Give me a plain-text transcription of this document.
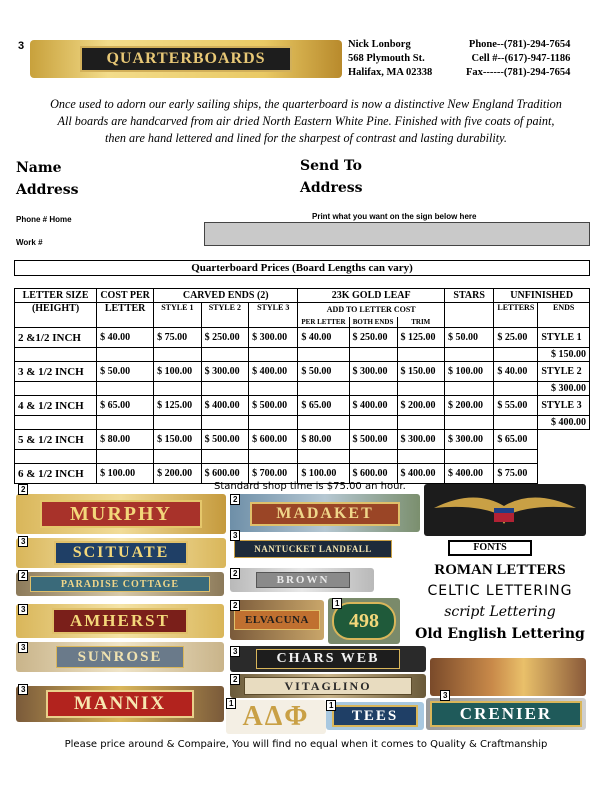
3
QUARTERBOARDS
Nick Lonborg
568 Plymouth St.
Halifax, MA 02338
Phone--(781)-294-7654
Cell #--(617)-947-1186
Fax------(781)-294-7654
Once used to adorn our early sailing ships, the quarterboard is now a distinctive New England Tradition
All boards are handcarved from air dried North Eastern White Pine. Finished with five coats of paint,
then are hand lettered and lined for the sharpest of contrast and lasting durability.
Name
Address
Send To
Address
Phone # Home
Work #
Print what you want on the sign below here
Quarterboard Prices (Board Lengths can vary)
LETTER SIZE	COST PER	CARVED ENDS (2)			23K GOLD LEAF			STARS	UNFINISHED	
(HEIGHT)	LETTER	STYLE 1	STYLE 2	STYLE 3	ADD TO LETTER COST				LETTERS	ENDS
					PER LETTER	BOTH ENDS	TRIM			
2 &1/2 INCH	$ 40.00	$ 75.00	$ 250.00	$ 300.00	$ 40.00	$ 250.00	$ 125.00	$ 50.00	$ 25.00	STYLE 1
										$ 150.00
3 & 1/2 INCH	$ 50.00	$ 100.00	$ 300.00	$ 400.00	$ 50.00	$ 300.00	$ 150.00	$ 100.00	$ 40.00	STYLE 2
										$ 300.00
4 & 1/2 INCH	$ 65.00	$ 125.00	$ 400.00	$ 500.00	$ 65.00	$ 400.00	$ 200.00	$ 200.00	$ 55.00	STYLE 3
										$ 400.00
5 & 1/2 INCH	$ 80.00	$ 150.00	$ 500.00	$ 600.00	$ 80.00	$ 500.00	$ 300.00	$ 300.00	$ 65.00	

6 & 1/2 INCH	$ 100.00	$ 200.00	$ 600.00	$ 700.00	$ 100.00	$ 600.00	$ 400.00	$ 400.00	$ 75.00	
Standard shop time is $75.00 an hour.
MURPHY
2
MADAKET
2
SCITUATE
3
NANTUCKET LANDFALL
3
PARADISE COTTAGE
2	BROWN
2
FONTS
ROMAN LETTERS
CELTIC LETTERING
script Lettering
Old English Lettering
AMHERST
3
ELVACUNA
2
498
1
SUNROSE
3
CHARS WEB
3
VITAGLINO
2
MANNIX
3
ΑΔΦ
1
TEES
1	CRENIER
3
Please price around & Compaire, You will find no equal when it comes to Quality & Craftmanship
